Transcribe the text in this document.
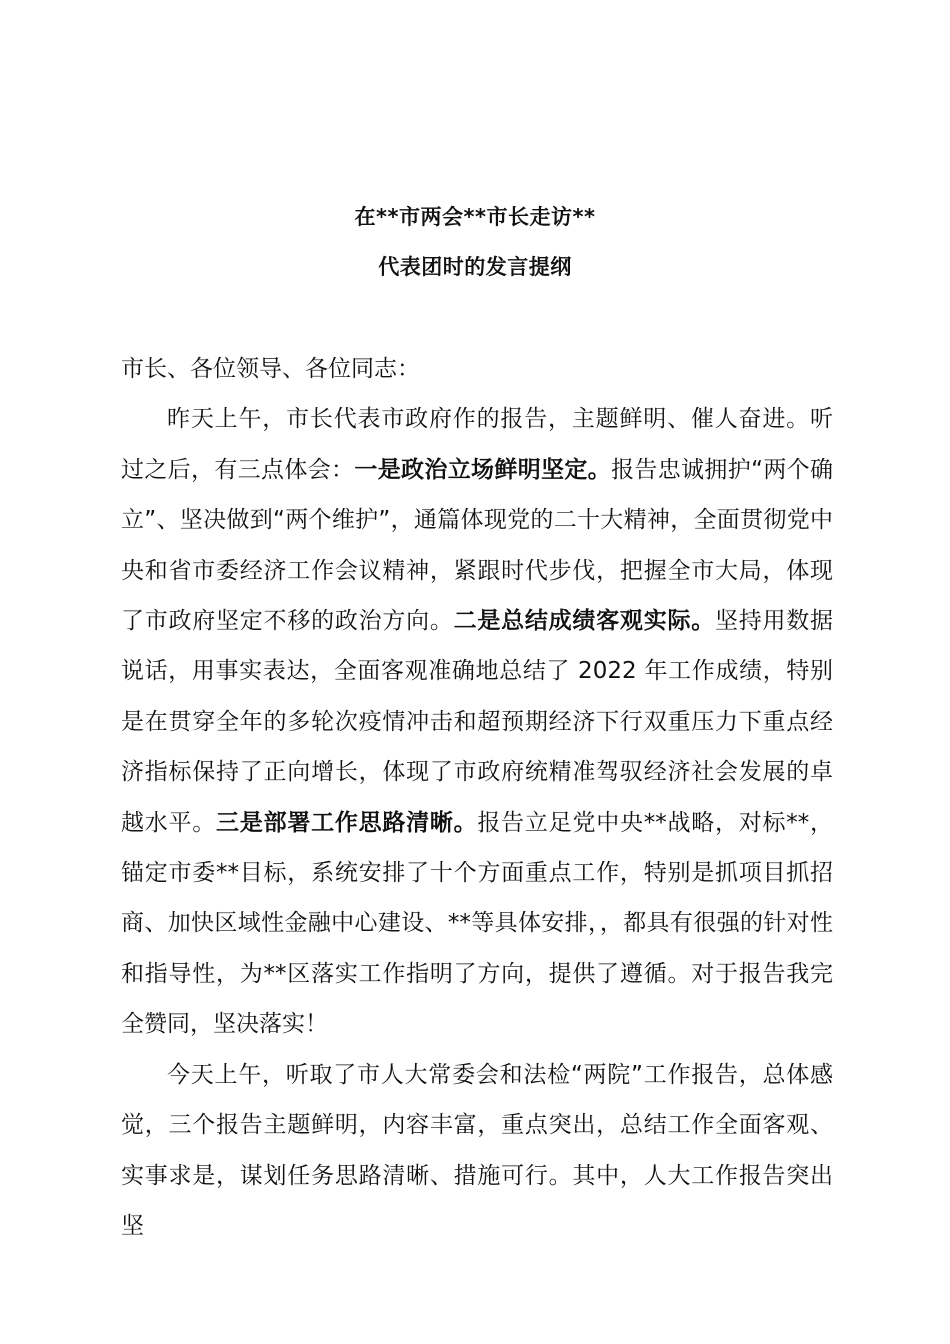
在**市两会**市长走访**
代表团时的发言提纲

市长、各位领导、各位同志：

昨天上午，市长代表市政府作的报告，主题鲜明、催人奋进。听过之后，有三点体会：一是政治立场鲜明坚定。报告忠诚拥护“两个确立”、坚决做到“两个维护”，通篇体现党的二十大精神，全面贯彻党中央和省市委经济工作会议精神，紧跟时代步伐，把握全市大局，体现了市政府坚定不移的政治方向。二是总结成绩客观实际。坚持用数据说话，用事实表达，全面客观准确地总结了 2022 年工作成绩，特别是在贯穿全年的多轮次疫情冲击和超预期经济下行双重压力下重点经济指标保持了正向增长，体现了市政府统精准驾驭经济社会发展的卓越水平。三是部署工作思路清晰。报告立足党中央**战略，对标**，锚定市委**目标，系统安排了十个方面重点工作，特别是抓项目抓招商、加快区域性金融中心建设、**等具体安排，，都具有很强的针对性和指导性，为**区落实工作指明了方向，提供了遵循。对于报告我完全赞同，坚决落实！

今天上午，听取了市人大常委会和法检“两院”工作报告，总体感觉，三个报告主题鲜明，内容丰富，重点突出，总结工作全面客观、实事求是，谋划任务思路清晰、措施可行。其中，人大工作报告突出坚
